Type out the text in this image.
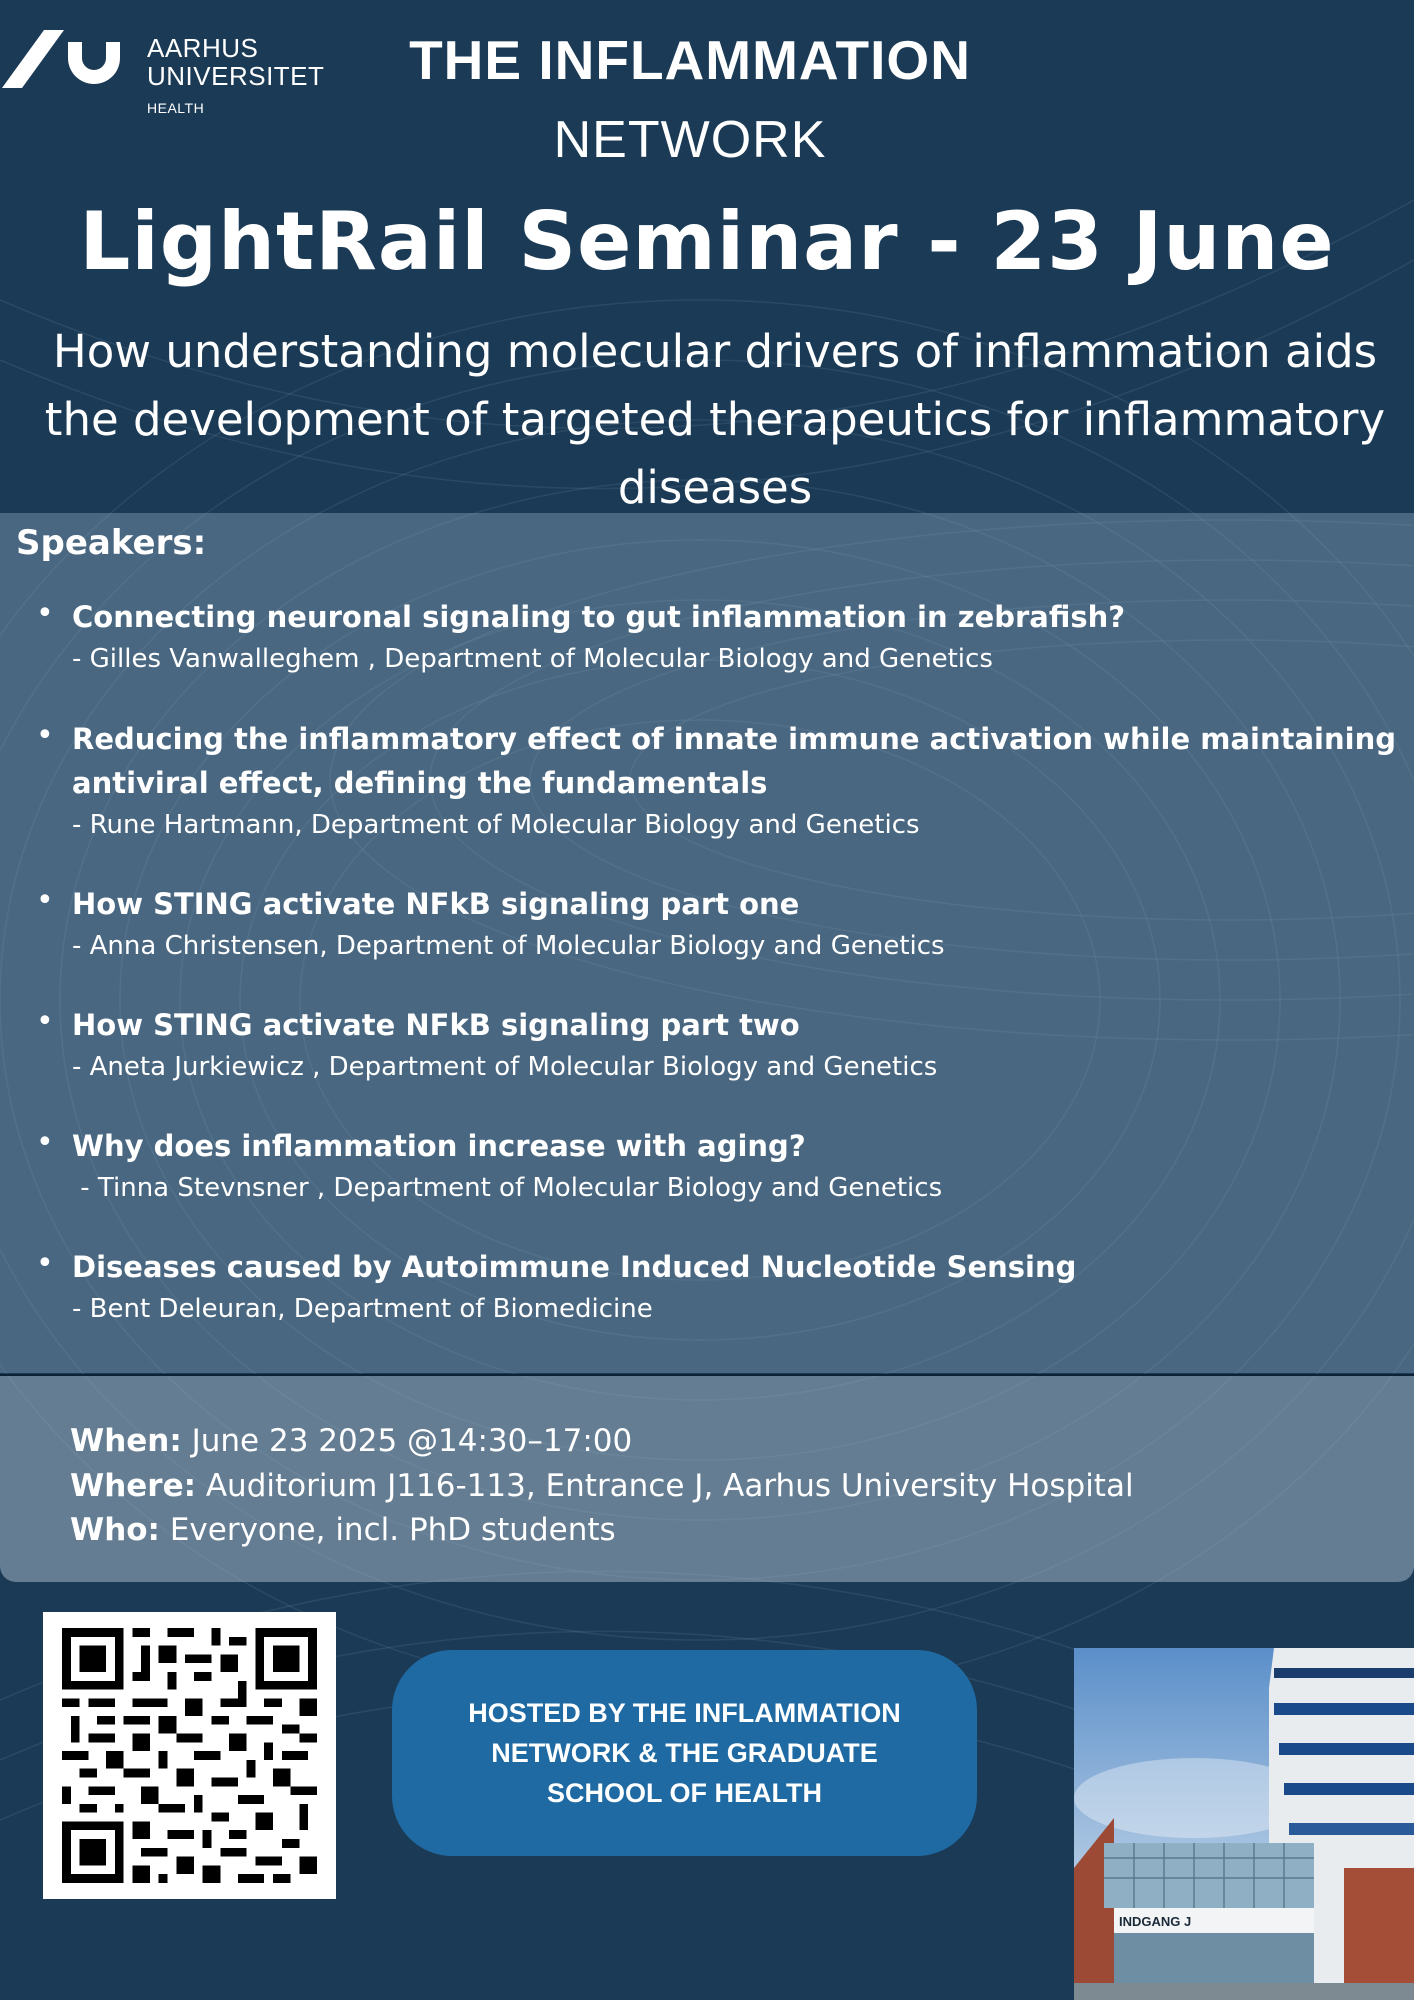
AARHUS
UNIVERSITET
HEALTH
THE INFLAMMATION
NETWORK
LightRail Seminar - 23 June
How understanding molecular drivers of inflammation aids the development of targeted therapeutics for inflammatory diseases
Speakers:
• Connecting neuronal signaling to gut inflammation in zebrafish?
- Gilles Vanwalleghem , Department of Molecular Biology and Genetics
• Reducing the inflammatory effect of innate immune activation while maintaining antiviral effect, defining the fundamentals
- Rune Hartmann, Department of Molecular Biology and Genetics
• How STING activate NFkB signaling part one
- Anna Christensen, Department of Molecular Biology and Genetics
• How STING activate NFkB signaling part two
- Aneta Jurkiewicz , Department of Molecular Biology and Genetics
• Why does inflammation increase with aging?
- Tinna Stevnsner , Department of Molecular Biology and Genetics
• Diseases caused by Autoimmune Induced Nucleotide Sensing
- Bent Deleuran, Department of Biomedicine
When: June 23 2025 @14:30–17:00
Where: Auditorium J116-113, Entrance J, Aarhus University Hospital
Who: Everyone, incl. PhD students
HOSTED BY THE INFLAMMATION NETWORK & THE GRADUATE SCHOOL OF HEALTH
INDGANG J
